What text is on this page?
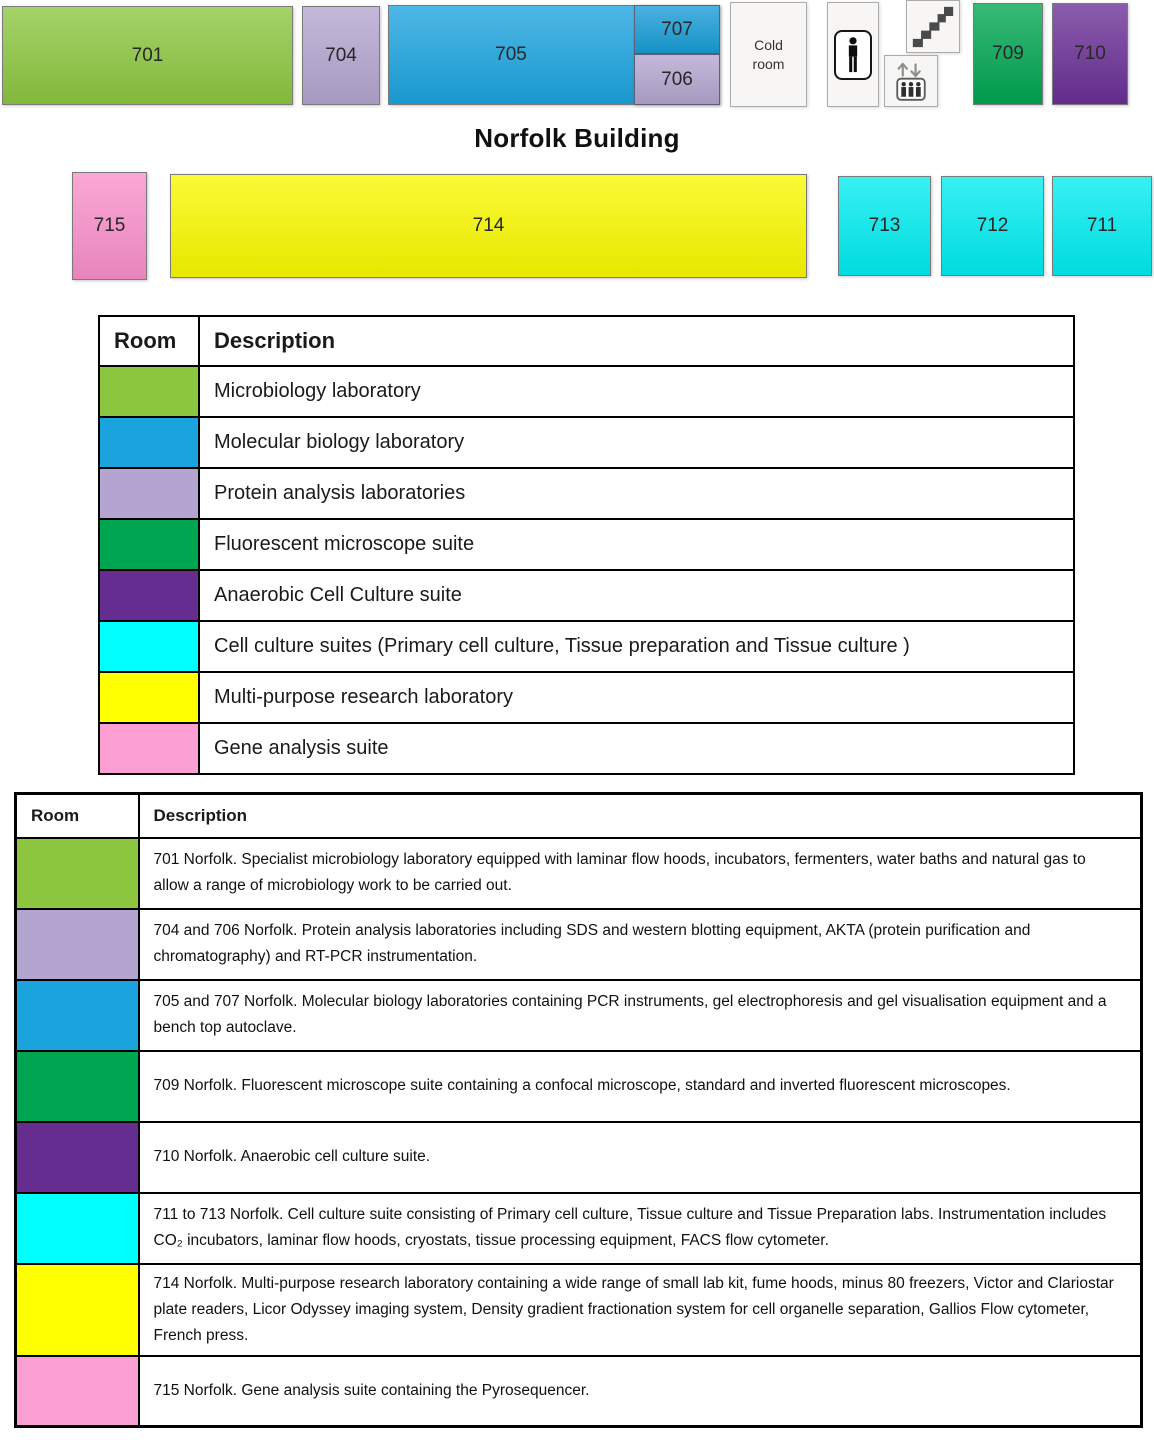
701	704	705
707
706
Cold room	709	710
Norfolk Building
715	714	713	712	711
Room	Description
	Microbiology laboratory
	Molecular biology laboratory
	Protein analysis laboratories
	Fluorescent microscope suite
	Anaerobic Cell Culture suite
	Cell culture suites (Primary cell culture, Tissue preparation and Tissue culture )
	Multi-purpose research laboratory
	Gene analysis suite
Room	Description
	701 Norfolk. Specialist microbiology laboratory equipped with laminar flow hoods, incubators, fermenters, water baths and natural gas to allow a range of microbiology work to be carried out.
	704 and 706 Norfolk. Protein analysis laboratories including SDS and western blotting equipment, AKTA (protein purification and chromatography) and RT-PCR instrumentation.
	705 and 707 Norfolk. Molecular biology laboratories containing PCR instruments, gel electrophoresis and gel visualisation equipment and a bench top autoclave.
	709 Norfolk. Fluorescent microscope suite containing a confocal microscope, standard and inverted fluorescent microscopes.
	710 Norfolk. Anaerobic cell culture suite.
	711 to 713 Norfolk. Cell culture suite consisting of Primary cell culture, Tissue culture and Tissue Preparation labs. Instrumentation includes CO₂ incubators, laminar flow hoods, cryostats, tissue processing equipment, FACS flow cytometer.
	714 Norfolk. Multi-purpose research laboratory containing a wide range of small lab kit, fume hoods, minus 80 freezers, Victor and Clariostar plate readers, Licor Odyssey imaging system, Density gradient fractionation system for cell organelle separation, Gallios Flow cytometer, French press.
	715 Norfolk. Gene analysis suite containing the Pyrosequencer.
